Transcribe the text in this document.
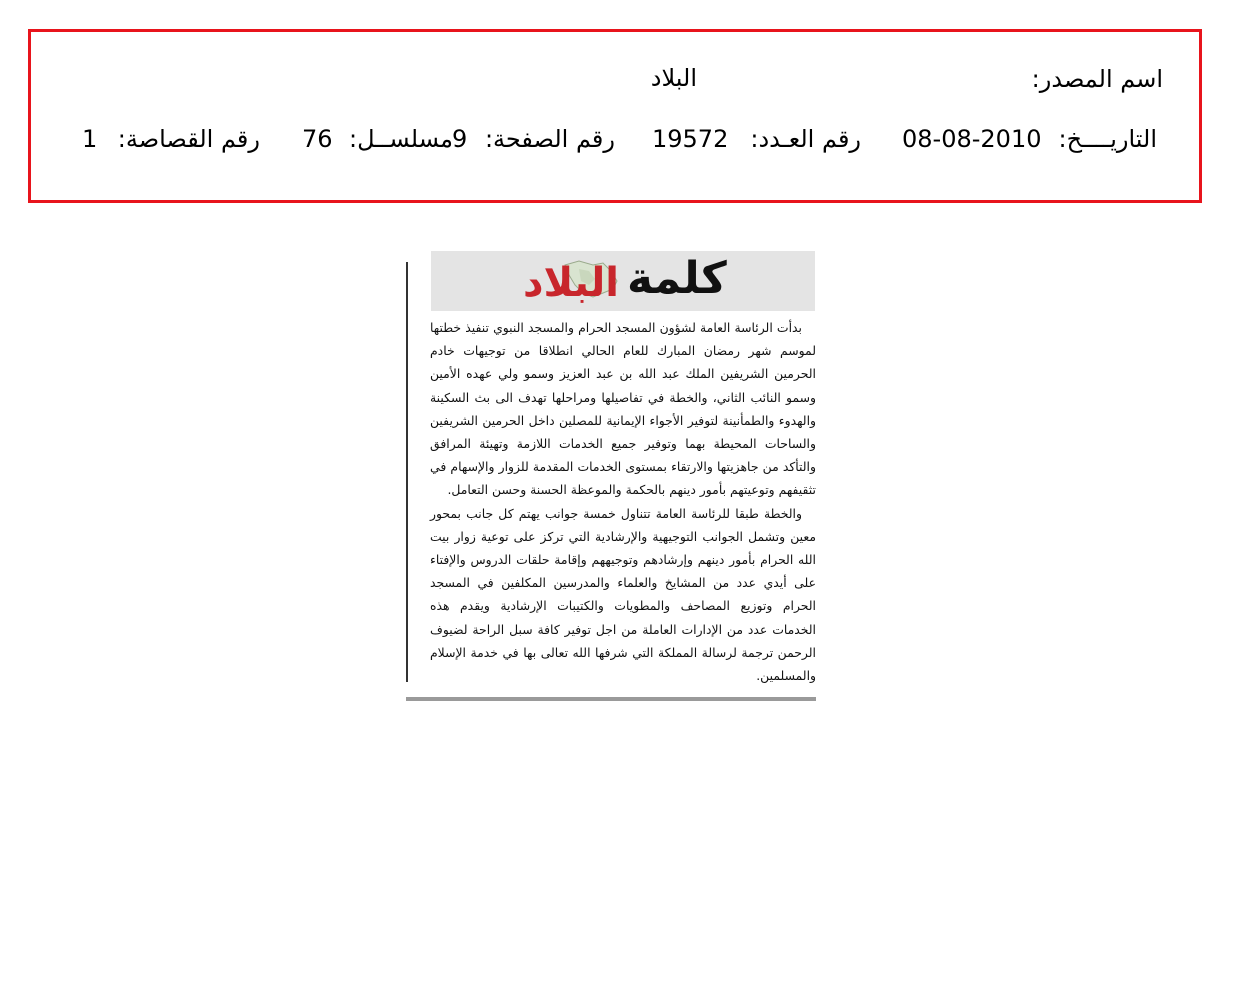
اسم المصدر:
البلاد
التاريــــخ:
08-08-2010
رقم العـدد:
19572
رقم الصفحة:
9
مسلســل:
76
رقم القصاصة:
1
البلاد كلمة

بدأت الرئاسة العامة لشؤون المسجد الحرام والمسجد النبوي تنفيذ خطتها لموسم شهر رمضان المبارك للعام الحالي انطلاقا من توجيهات خادم الحرمين الشريفين الملك عبد الله بن عبد العزيز وسمو ولي عهده الأمين وسمو النائب الثاني، والخطة في تفاصيلها ومراحلها تهدف الى بث السكينة والهدوء والطمأنينة لتوفير الأجواء الإيمانية للمصلين داخل الحرمين الشريفين والساحات المحيطة بهما وتوفير جميع الخدمات اللازمة وتهيئة المرافق والتأكد من جاهزيتها والارتقاء بمستوى الخدمات المقدمة للزوار والإسهام في تثقيفهم وتوعيتهم بأمور دينهم بالحكمة والموعظة الحسنة وحسن التعامل.

والخطة طبقا للرئاسة العامة تتناول خمسة جوانب يهتم كل جانب بمحور معين وتشمل الجوانب التوجيهية والإرشادية التي تركز على توعية زوار بيت الله الحرام بأمور دينهم وإرشادهم وتوجيههم وإقامة حلقات الدروس والإفتاء على أيدي عدد من المشايخ والعلماء والمدرسين المكلفين في المسجد الحرام وتوزيع المصاحف والمطويات والكتيبات الإرشادية ويقدم هذه الخدمات عدد من الإدارات العاملة من اجل توفير كافة سبل الراحة لضيوف الرحمن ترجمة لرسالة المملكة التي شرفها الله تعالى بها في خدمة الإسلام والمسلمين.
